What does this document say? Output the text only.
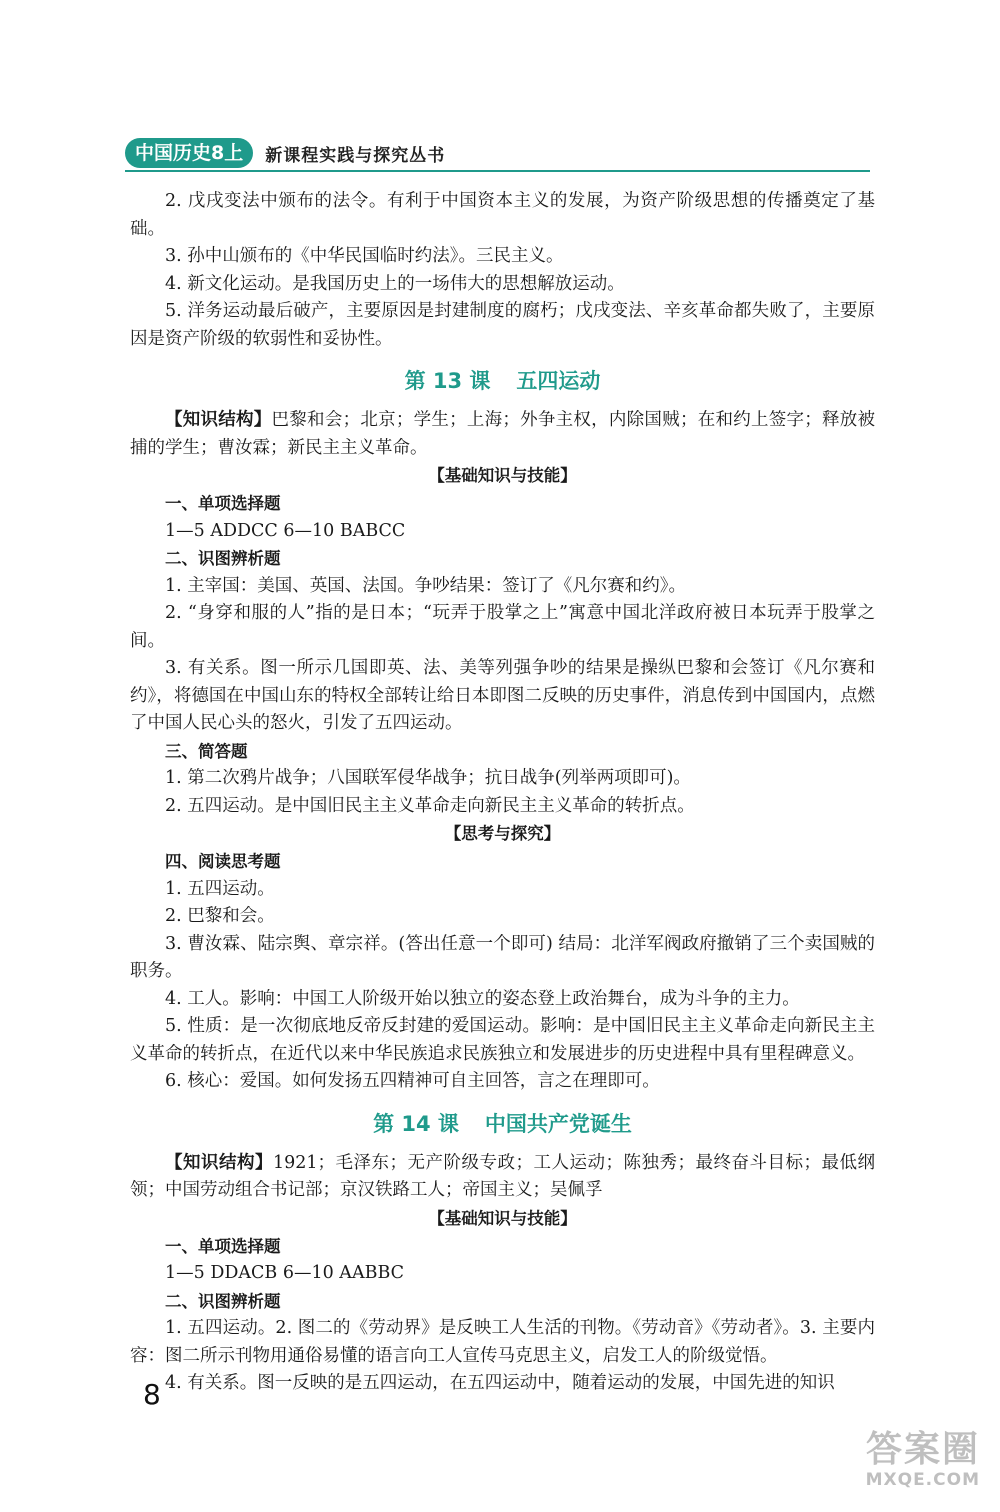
中国历史8上	新课程实践与探究丛书
2. 戊戌变法中颁布的法令。有利于中国资本主义的发展，为资产阶级思想的传播奠定了基础。
3. 孙中山颁布的《中华民国临时约法》。三民主义。
4. 新文化运动。是我国历史上的一场伟大的思想解放运动。
5. 洋务运动最后破产，主要原因是封建制度的腐朽；戊戌变法、辛亥革命都失败了，主要原因是资产阶级的软弱性和妥协性。
第 13 课 五四运动
【知识结构】巴黎和会；北京；学生；上海；外争主权，内除国贼；在和约上签字；释放被捕的学生；曹汝霖；新民主主义革命。
【基础知识与技能】
一、单项选择题
1—5 ADDCC 6—10 BABCC
二、识图辨析题
1. 主宰国：美国、英国、法国。争吵结果：签订了《凡尔赛和约》。
2. “身穿和服的人”指的是日本；“玩弄于股掌之上”寓意中国北洋政府被日本玩弄于股掌之间。
3. 有关系。图一所示几国即英、法、美等列强争吵的结果是操纵巴黎和会签订《凡尔赛和约》，将德国在中国山东的特权全部转让给日本即图二反映的历史事件，消息传到中国国内，点燃了中国人民心头的怒火，引发了五四运动。
三、简答题
1. 第二次鸦片战争；八国联军侵华战争；抗日战争(列举两项即可)。
2. 五四运动。是中国旧民主主义革命走向新民主主义革命的转折点。
【思考与探究】
四、阅读思考题
1. 五四运动。
2. 巴黎和会。
3. 曹汝霖、陆宗舆、章宗祥。(答出任意一个即可) 结局：北洋军阀政府撤销了三个卖国贼的职务。
4. 工人。影响：中国工人阶级开始以独立的姿态登上政治舞台，成为斗争的主力。
5. 性质：是一次彻底地反帝反封建的爱国运动。影响：是中国旧民主主义革命走向新民主主义革命的转折点，在近代以来中华民族追求民族独立和发展进步的历史进程中具有里程碑意义。
6. 核心：爱国。如何发扬五四精神可自主回答，言之在理即可。
第 14 课 中国共产党诞生
【知识结构】1921；毛泽东；无产阶级专政；工人运动；陈独秀；最终奋斗目标；最低纲领；中国劳动组合书记部；京汉铁路工人；帝国主义；吴佩孚
【基础知识与技能】
一、单项选择题
1—5 DDACB 6—10 AABBC
二、识图辨析题
1. 五四运动。2. 图二的《劳动界》是反映工人生活的刊物。《劳动音》《劳动者》。3. 主要内容：图二所示刊物用通俗易懂的语言向工人宣传马克思主义，启发工人的阶级觉悟。
4. 有关系。图一反映的是五四运动，在五四运动中，随着运动的发展，中国先进的知识
8
答案圈
MXQE.COM
